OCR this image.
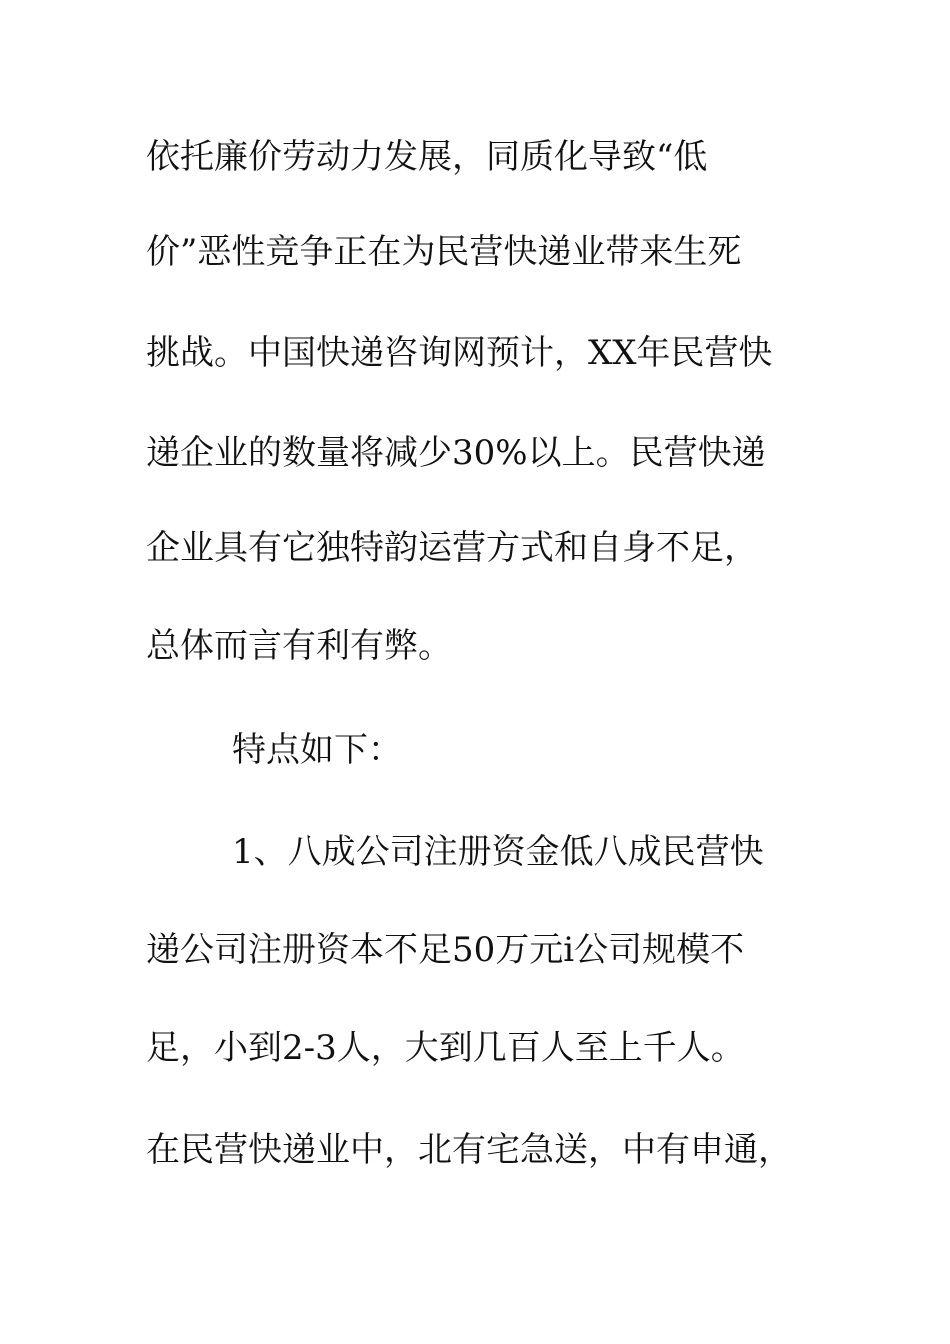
依托廉价劳动力发展，同质化导致“低
价”恶性竞争正在为民营快递业带来生死
挑战。中国快递咨询网预计，XX年民营快
递企业的数量将减少30%以上。民营快递
企业具有它独特韵运营方式和自身不足，
总体而言有利有弊。
特点如下：
1、八成公司注册资金低八成民营快
递公司注册资本不足50万元i公司规模不
足，小到2-3人，大到几百人至上千人。
在民营快递业中，北有宅急送，中有申通，
